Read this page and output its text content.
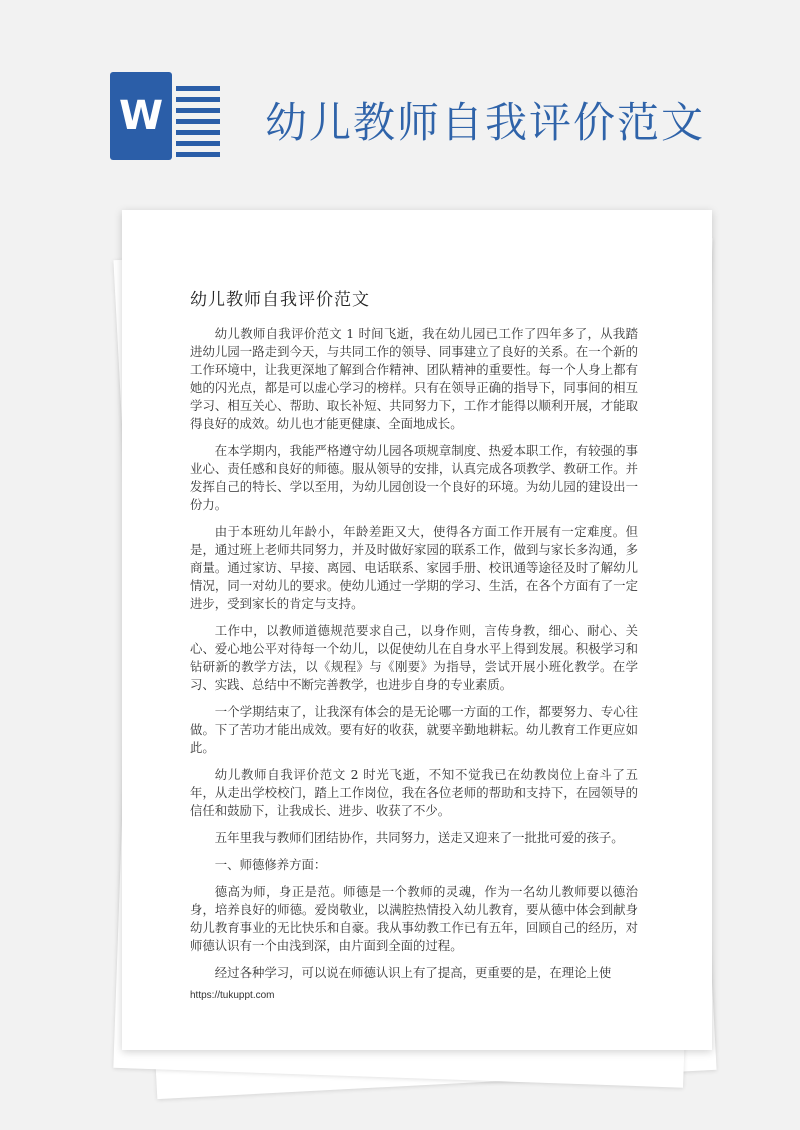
W 幼儿教师自我评价范文
幼儿教师自我评价范文

幼儿教师自我评价范文 1 时间飞逝，我在幼儿园已工作了四年多了，从我踏进幼儿园一路走到今天，与共同工作的领导、同事建立了良好的关系。在一个新的工作环境中，让我更深地了解到合作精神、团队精神的重要性。每一个人身上都有她的闪光点，都是可以虚心学习的榜样。只有在领导正确的指导下，同事间的相互学习、相互关心、帮助、取长补短、共同努力下，工作才能得以顺利开展，才能取得良好的成效。幼儿也才能更健康、全面地成长。

在本学期内，我能严格遵守幼儿园各项规章制度、热爱本职工作，有较强的事业心、责任感和良好的师德。服从领导的安排，认真完成各项教学、教研工作。并发挥自己的特长、学以至用，为幼儿园创设一个良好的环境。为幼儿园的建设出一份力。

由于本班幼儿年龄小，年龄差距又大，使得各方面工作开展有一定难度。但是，通过班上老师共同努力，并及时做好家园的联系工作，做到与家长多沟通，多商量。通过家访、早接、离园、电话联系、家园手册、校讯通等途径及时了解幼儿情况，同一对幼儿的要求。使幼儿通过一学期的学习、生活，在各个方面有了一定进步，受到家长的肯定与支持。

工作中，以教师道德规范要求自己，以身作则，言传身教，细心、耐心、关心、爱心地公平对待每一个幼儿，以促使幼儿在自身水平上得到发展。积极学习和钻研新的教学方法，以《规程》与《刚要》为指导，尝试开展小班化教学。在学习、实践、总结中不断完善教学，也进步自身的专业素质。

一个学期结束了，让我深有体会的是无论哪一方面的工作，都要努力、专心往做。下了苦功才能出成效。要有好的收获，就要辛勤地耕耘。幼儿教育工作更应如此。

幼儿教师自我评价范文 2 时光飞逝，不知不觉我已在幼教岗位上奋斗了五年，从走出学校校门，踏上工作岗位，我在各位老师的帮助和支持下，在园领导的信任和鼓励下，让我成长、进步、收获了不少。

五年里我与教师们团结协作，共同努力，送走又迎来了一批批可爱的孩子。

一、师德修养方面：

德高为师，身正是范。师德是一个教师的灵魂，作为一名幼儿教师要以德治身，培养良好的师德。爱岗敬业，以满腔热情投入幼儿教育，要从德中体会到献身幼儿教育事业的无比快乐和自豪。我从事幼教工作已有五年，回顾自己的经历，对师德认识有一个由浅到深，由片面到全面的过程。

经过各种学习，可以说在师德认识上有了提高，更重要的是，在理论上使

https://tukuppt.com
